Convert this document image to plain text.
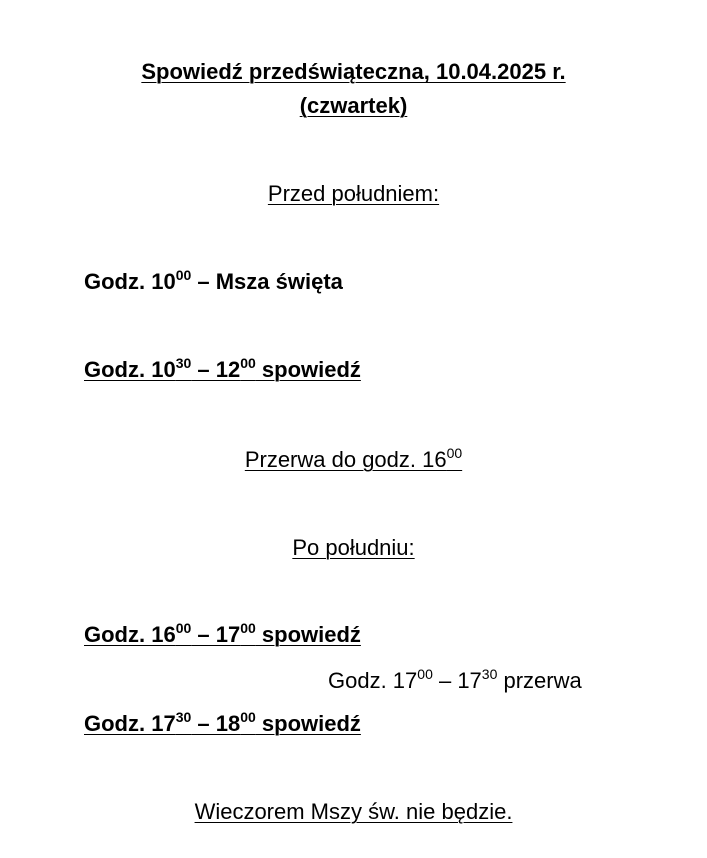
Spowiedź przedświąteczna, 10.04.2025 r.
(czwartek)
Przed południem:
Godz. $10^{00}$ – Msza święta
Godz. $10^{30} - 12^{00}$ spowiedź
Przerwa do godz. $16^{00}$
Po południu:
Godz. $16^{00} - 17^{00}$ spowiedź
Godz. $17^{00} - 17^{30}$ przerwa
Godz. $17^{30} - 18^{00}$ spowiedź
Wieczorem Mszy św. nie będzie.
